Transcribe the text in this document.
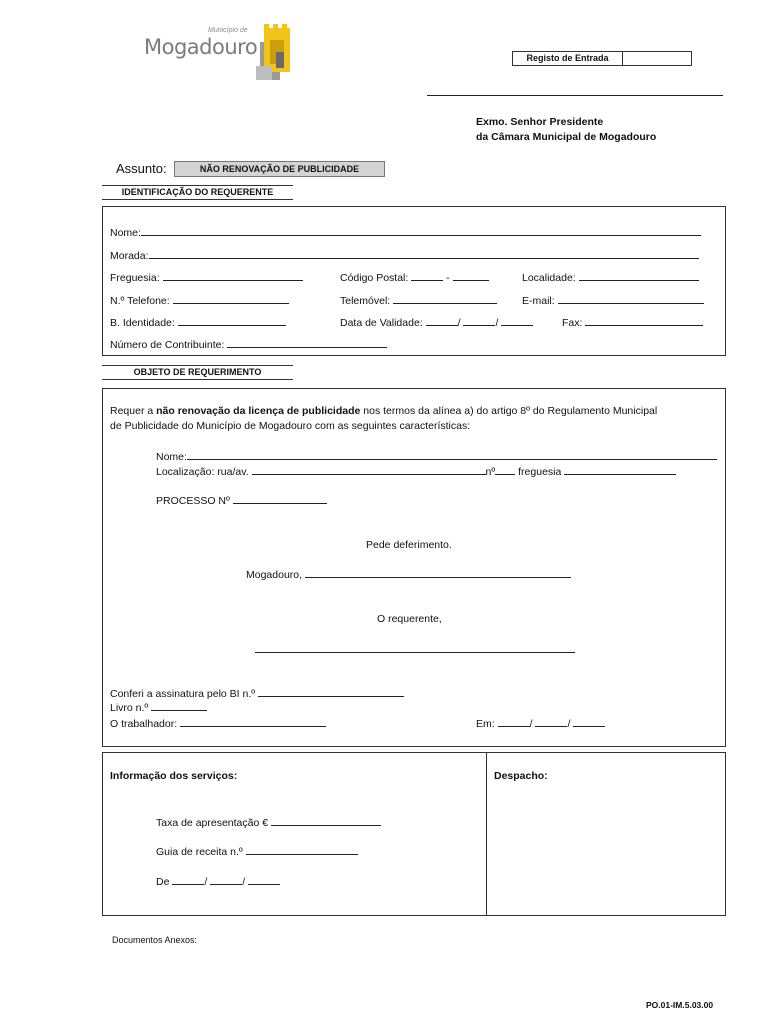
Município de
Mogadouro	Registo de Entrada
Exmo. Senhor Presidente
da Câmara Municipal de Mogadouro
Assunto:	NÃO RENOVAÇÃO DE PUBLICIDADE
IDENTIFICAÇÃO DO REQUERENTE
Nome:
Morada:
Freguesia:	Código Postal:	-	Localidade:
N.º Telefone:	Telemóvel:	E-mail:
B. Identidade:	Data de Validade:	/	/	Fax:
Número de Contribuinte:
OBJETO DE REQUERIMENTO
Requer a não renovação da licença de publicidade nos termos da alínea a) do artigo 8º do Regulamento Municipal
de Publicidade do Município de Mogadouro com as seguintes características:
Nome:
Localização: rua/av.	nº freguesia
PROCESSO Nº
Pede deferimento.
Mogadouro,
O requerente,
Conferi a assinatura pelo BI n.º
Livro n.º
O trabalhador:	Em:	/	/
Informação dos serviços:	Despacho:
Taxa de apresentação €
Guia de receita n.º
De	/	/
Documentos Anexos:
PO.01-IM.5.03.00
